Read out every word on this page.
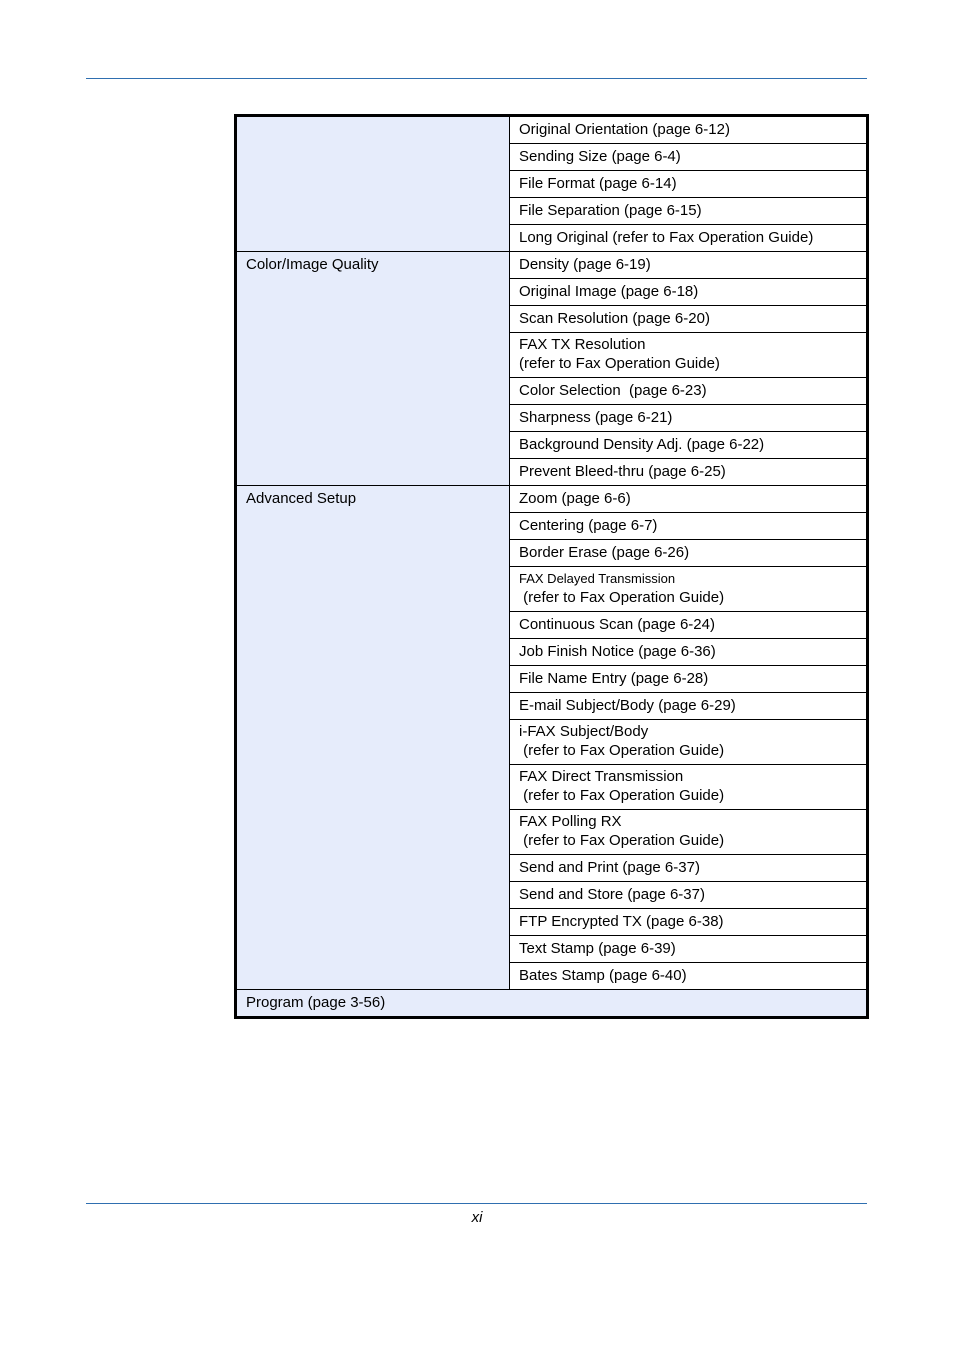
	Original Orientation (page 6-12)

	Sending Size (page 6-4)

	File Format (page 6-14)

	File Separation (page 6-15)

	Long Original (refer to Fax Operation Guide)

Color/Image Quality	Density (page 6-19)

	Original Image (page 6-18)

	Scan Resolution (page 6-20)

	FAX TX Resolution
(refer to Fax Operation Guide)

	Color Selection  (page 6-23)

	Sharpness (page 6-21)

	Background Density Adj. (page 6-22)

	Prevent Bleed-thru (page 6-25)

Advanced Setup	Zoom (page 6-6)

	Centering (page 6-7)

	Border Erase (page 6-26)

	FAX Delayed Transmission
(refer to Fax Operation Guide)

	Continuous Scan (page 6-24)

	Job Finish Notice (page 6-36)

	File Name Entry (page 6-28)

	E-mail Subject/Body (page 6-29)

	i-FAX Subject/Body
(refer to Fax Operation Guide)

	FAX Direct Transmission
(refer to Fax Operation Guide)

	FAX Polling RX
(refer to Fax Operation Guide)

	Send and Print (page 6-37)

	Send and Store (page 6-37)

	FTP Encrypted TX (page 6-38)

	Text Stamp (page 6-39)

	Bates Stamp (page 6-40)

Program (page 3-56)	
xi
